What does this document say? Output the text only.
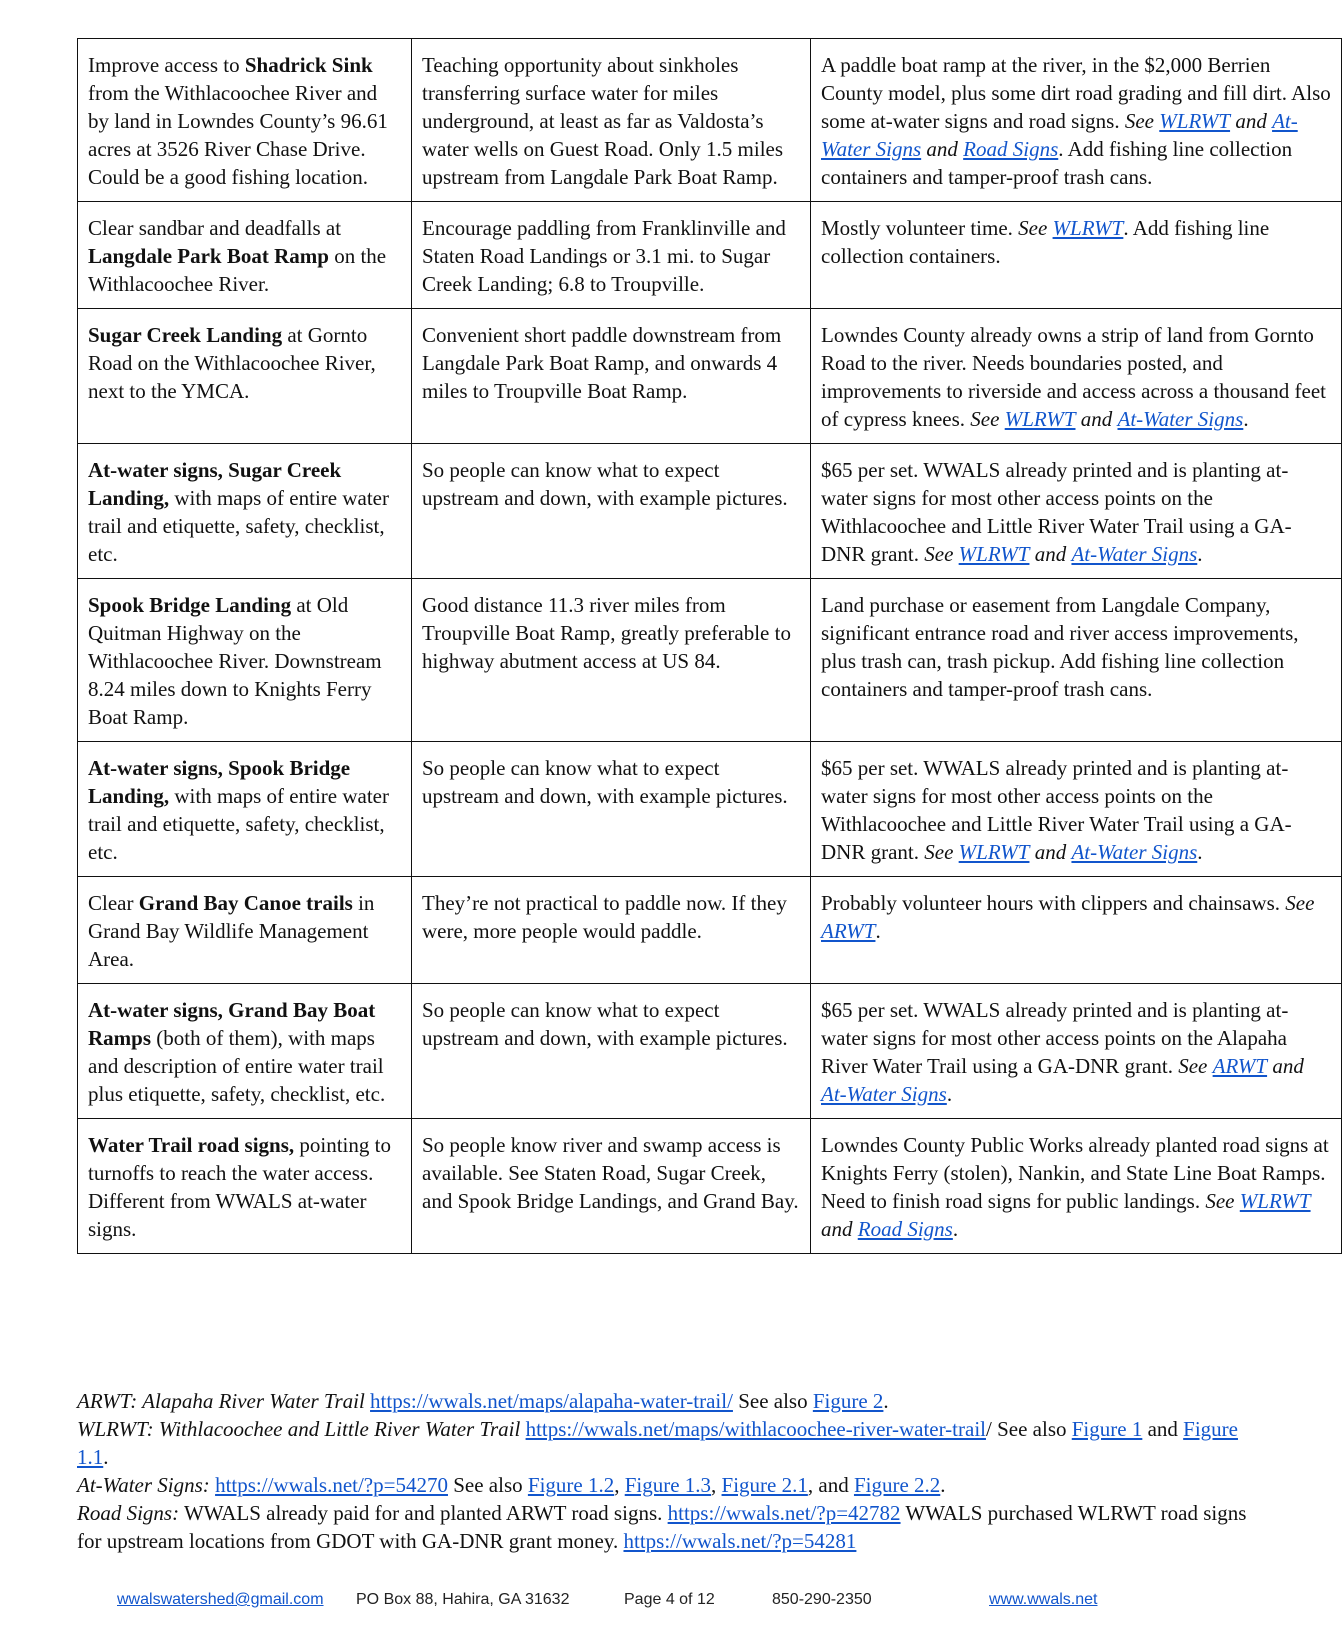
Improve access to Shadrick Sink from the Withlacoochee River and by land in Lowndes County’s 96.61 acres at 3526 River Chase Drive. Could be a good fishing location.	Teaching opportunity about sinkholes transferring surface water for miles underground, at least as far as Valdosta’s water wells on Guest Road. Only 1.5 miles upstream from Langdale Park Boat Ramp.	A paddle boat ramp at the river, in the $2,000 Berrien County model, plus some dirt road grading and fill dirt. Also some at-water signs and road signs. See WLRWT and At-Water Signs and Road Signs. Add fishing line collection containers and tamper-proof trash cans.
Clear sandbar and deadfalls at Langdale Park Boat Ramp on the Withlacoochee River.	Encourage paddling from Franklinville and Staten Road Landings or 3.1 mi. to Sugar Creek Landing; 6.8 to Troupville.	Mostly volunteer time. See WLRWT. Add fishing line collection containers.
Sugar Creek Landing at Gornto Road on the Withlacoochee River, next to the YMCA.	Convenient short paddle downstream from Langdale Park Boat Ramp, and onwards 4 miles to Troupville Boat Ramp.	Lowndes County already owns a strip of land from Gornto Road to the river. Needs boundaries posted, and improvements to riverside and access across a thousand feet of cypress knees. See WLRWT and At-Water Signs.
At-water signs, Sugar Creek Landing, with maps of entire water trail and etiquette, safety, checklist, etc.	So people can know what to expect upstream and down, with example pictures.	$65 per set. WWALS already printed and is planting at-water signs for most other access points on the Withlacoochee and Little River Water Trail using a GA-DNR grant. See WLRWT and At-Water Signs.
Spook Bridge Landing at Old Quitman Highway on the Withlacoochee River. Downstream 8.24 miles down to Knights Ferry Boat Ramp.	Good distance 11.3 river miles from Troupville Boat Ramp, greatly preferable to highway abutment access at US 84.	Land purchase or easement from Langdale Company, significant entrance road and river access improvements, plus trash can, trash pickup. Add fishing line collection containers and tamper-proof trash cans.
At-water signs, Spook Bridge Landing, with maps of entire water trail and etiquette, safety, checklist, etc.	So people can know what to expect upstream and down, with example pictures.	$65 per set. WWALS already printed and is planting at-water signs for most other access points on the Withlacoochee and Little River Water Trail using a GA-DNR grant. See WLRWT and At-Water Signs.
Clear Grand Bay Canoe trails in Grand Bay Wildlife Management Area.	They’re not practical to paddle now. If they were, more people would paddle.	Probably volunteer hours with clippers and chainsaws. See ARWT.
At-water signs, Grand Bay Boat Ramps (both of them), with maps and description of entire water trail plus etiquette, safety, checklist, etc.	So people can know what to expect upstream and down, with example pictures.	$65 per set. WWALS already printed and is planting at-water signs for most other access points on the Alapaha River Water Trail using a GA-DNR grant. See ARWT and At-Water Signs.
Water Trail road signs, pointing to turnoffs to reach the water access. Different from WWALS at-water signs.	So people know river and swamp access is available. See Staten Road, Sugar Creek, and Spook Bridge Landings, and Grand Bay.	Lowndes County Public Works already planted road signs at Knights Ferry (stolen), Nankin, and State Line Boat Ramps. Need to finish road signs for public landings. See WLRWT and Road Signs.

ARWT: Alapaha River Water Trail https://wwals.net/maps/alapaha-water-trail/ See also Figure 2.

WLRWT: Withlacoochee and Little River Water Trail https://wwals.net/maps/withlacoochee-river-water-trail/ See also Figure 1 and Figure 1.1.

At-Water Signs: https://wwals.net/?p=54270 See also Figure 1.2, Figure 1.3, Figure 2.1, and Figure 2.2.

Road Signs: WWALS already paid for and planted ARWT road signs. https://wwals.net/?p=42782 WWALS purchased WLRWT road signs for upstream locations from GDOT with GA-DNR grant money. https://wwals.net/?p=54281

wwalswatershed@gmail.com PO Box 88, Hahira, GA 31632	Page 4 of 12	850-290-2350	www.wwals.net
